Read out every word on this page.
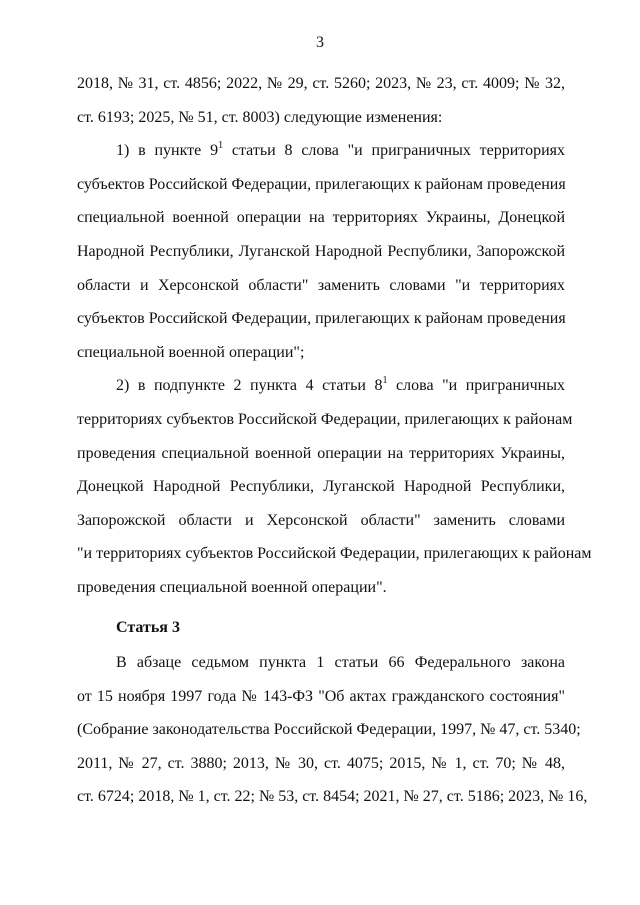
3
2018, № 31, ст. 4856; 2022, № 29, ст. 5260; 2023, № 23, ст. 4009; № 32,
ст. 6193; 2025, № 51, ст. 8003) следующие изменения:
1) в пункте $9^1$ статьи 8 слова "и приграничных территориях
субъектов Российской Федерации, прилегающих к районам проведения
специальной военной операции на территориях Украины, Донецкой
Народной Республики, Луганской Народной Республики, Запорожской
области и Херсонской области" заменить словами "и территориях
субъектов Российской Федерации, прилегающих к районам проведения
специальной военной операции";
2) в подпункте 2 пункта 4 статьи $8^1$ слова "и приграничных
территориях субъектов Российской Федерации, прилегающих к районам
проведения специальной военной операции на территориях Украины,
Донецкой Народной Республики, Луганской Народной Республики,
Запорожской области и Херсонской области" заменить словами
"и территориях субъектов Российской Федерации, прилегающих к районам
проведения специальной военной операции".
Статья 3
В абзаце седьмом пункта 1 статьи 66 Федерального закона
от 15 ноября 1997 года № 143-ФЗ "Об актах гражданского состояния"
(Собрание законодательства Российской Федерации, 1997, № 47, ст. 5340;
2011, № 27, ст. 3880; 2013, № 30, ст. 4075; 2015, № 1, ст. 70; № 48,
ст. 6724; 2018, № 1, ст. 22; № 53, ст. 8454; 2021, № 27, ст. 5186; 2023, № 16,
